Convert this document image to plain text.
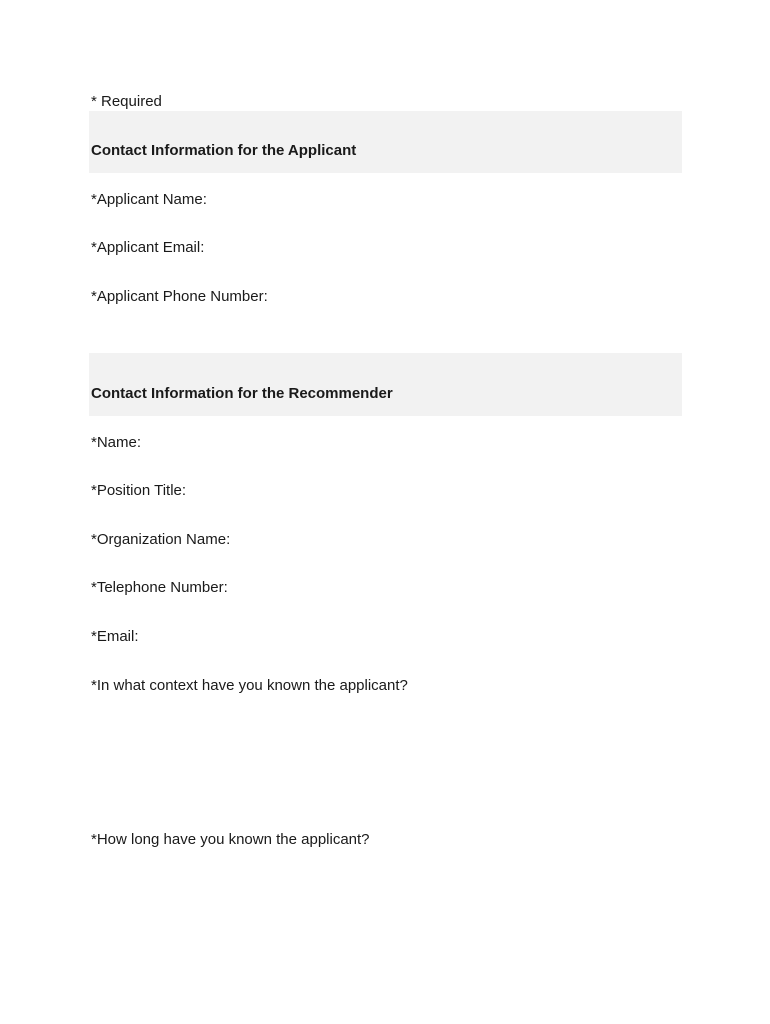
* Required
Contact Information for the Applicant
*Applicant Name:
*Applicant Email:
*Applicant Phone Number:
Contact Information for the Recommender
*Name:
*Position Title:
*Organization Name:
*Telephone Number:
*Email:
*In what context have you known the applicant?
*How long have you known the applicant?
